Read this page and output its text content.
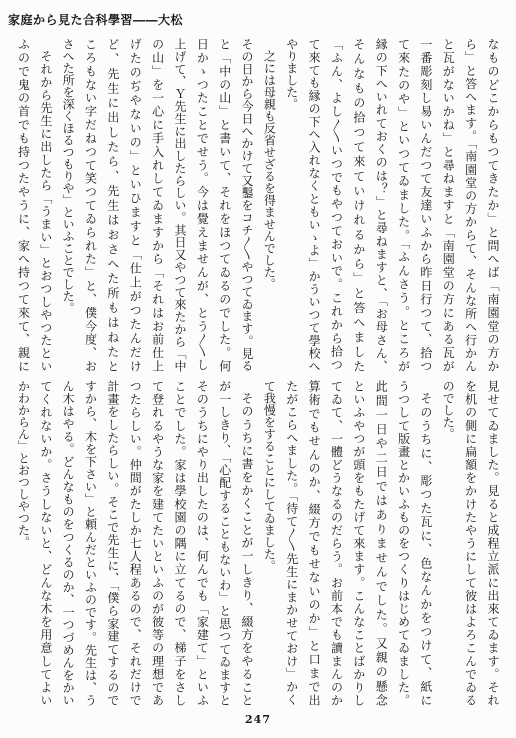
家庭から見た合科學習――大松
なものどこからもつてきたか」と問へば「南園堂の方か
ら」と答へます。「南園堂の方からて、そんな所へ行かん
と瓦がないかね」と尋ねますと「南園堂の方にある瓦が
一番彫刻し易いんだつて友達いふから昨日行つて、拾つ
て來たのや」といつてゐました。「ふんさう。ところが
縁の下へいれておくのは？」と尋ねますと、「お母さん、
そんなもの拾つて來ていけれるから」と答へました
「ふん、よし〳〵いつでもやつておいで。これから拾つ
て來ても縁の下へ入れなくともいゝよ」かういつて學校へ
やりました。
之には母親も反省せざるを得ませんでした。
その日から今日へかけて又鑿をコチ〳〵やつてゐます。見る
と「中の山」と書いて、それをほつてゐるのでした。何
日かゝつたことでせう。今は覺えませんが、とう〳〵し
上げて、Ｙ先生に出したらしい。其日又やつて來たから「中
の山」を一心に手入れしてゐますから「それはお前仕上
げたのぢやないの」といひますと「仕上がつたんだけ
ど、先生に出したら、先生はおさへた所もはねたと
ころもない字だねつて笑つてゐられた」と、僕今度、お
さへた所を深くほるつもりや」といふことでした。
それから先生に出したら「うまい」とおつしやつたとい
ふので鬼の首でも持つたやうに、家へ持つて來て、親に
見せてゐました。見ると成程立派に出來てゐます。それ
を机の側に扁額をかけたやうにして彼はよろこんでゐる
のでした。
そのうちに、彫つた瓦に、色なんかをつけて、紙に
うつして版畫とかいふものをつくりはじめてゐました。
此間一日や二日ではありませんでした。又親の懸念
といふやつが頭をもたげて來ます。こんなことばかりし
てゐて、一體どうなるのだらう。お前本でも讀まんのか
算術でもせんのか、綴方でもせないのか」と口まで出
たがこらへました。「待て〳〵先生にまかせておけ」かく
て我慢をすることにしてゐました。
そのうちに書をかくことが一しきり、綴方をやること
が一しきり、「心配することもないわ」と思つてゐますと
そのうちにやり出したのは、何んでも「家建て」といふ
ことでした。家は學校園の隅に立てるので、梯子をさし
て登れるやうな家を建てたいといふのが彼等の理想であ
つたらしい。仲間がたしか七人程あるので、それだけで
計畫をしたらしい。そこで先生に、「僕ら家建てするので
すから、木を下さい」と頼んだといふのです。先生は、う
ん木はやる。どんなものをつくるのか、一つづめんをかい
てくれないか。さうしないと、どんな木を用意してよい
かわからん」とおつしやつた。
247
